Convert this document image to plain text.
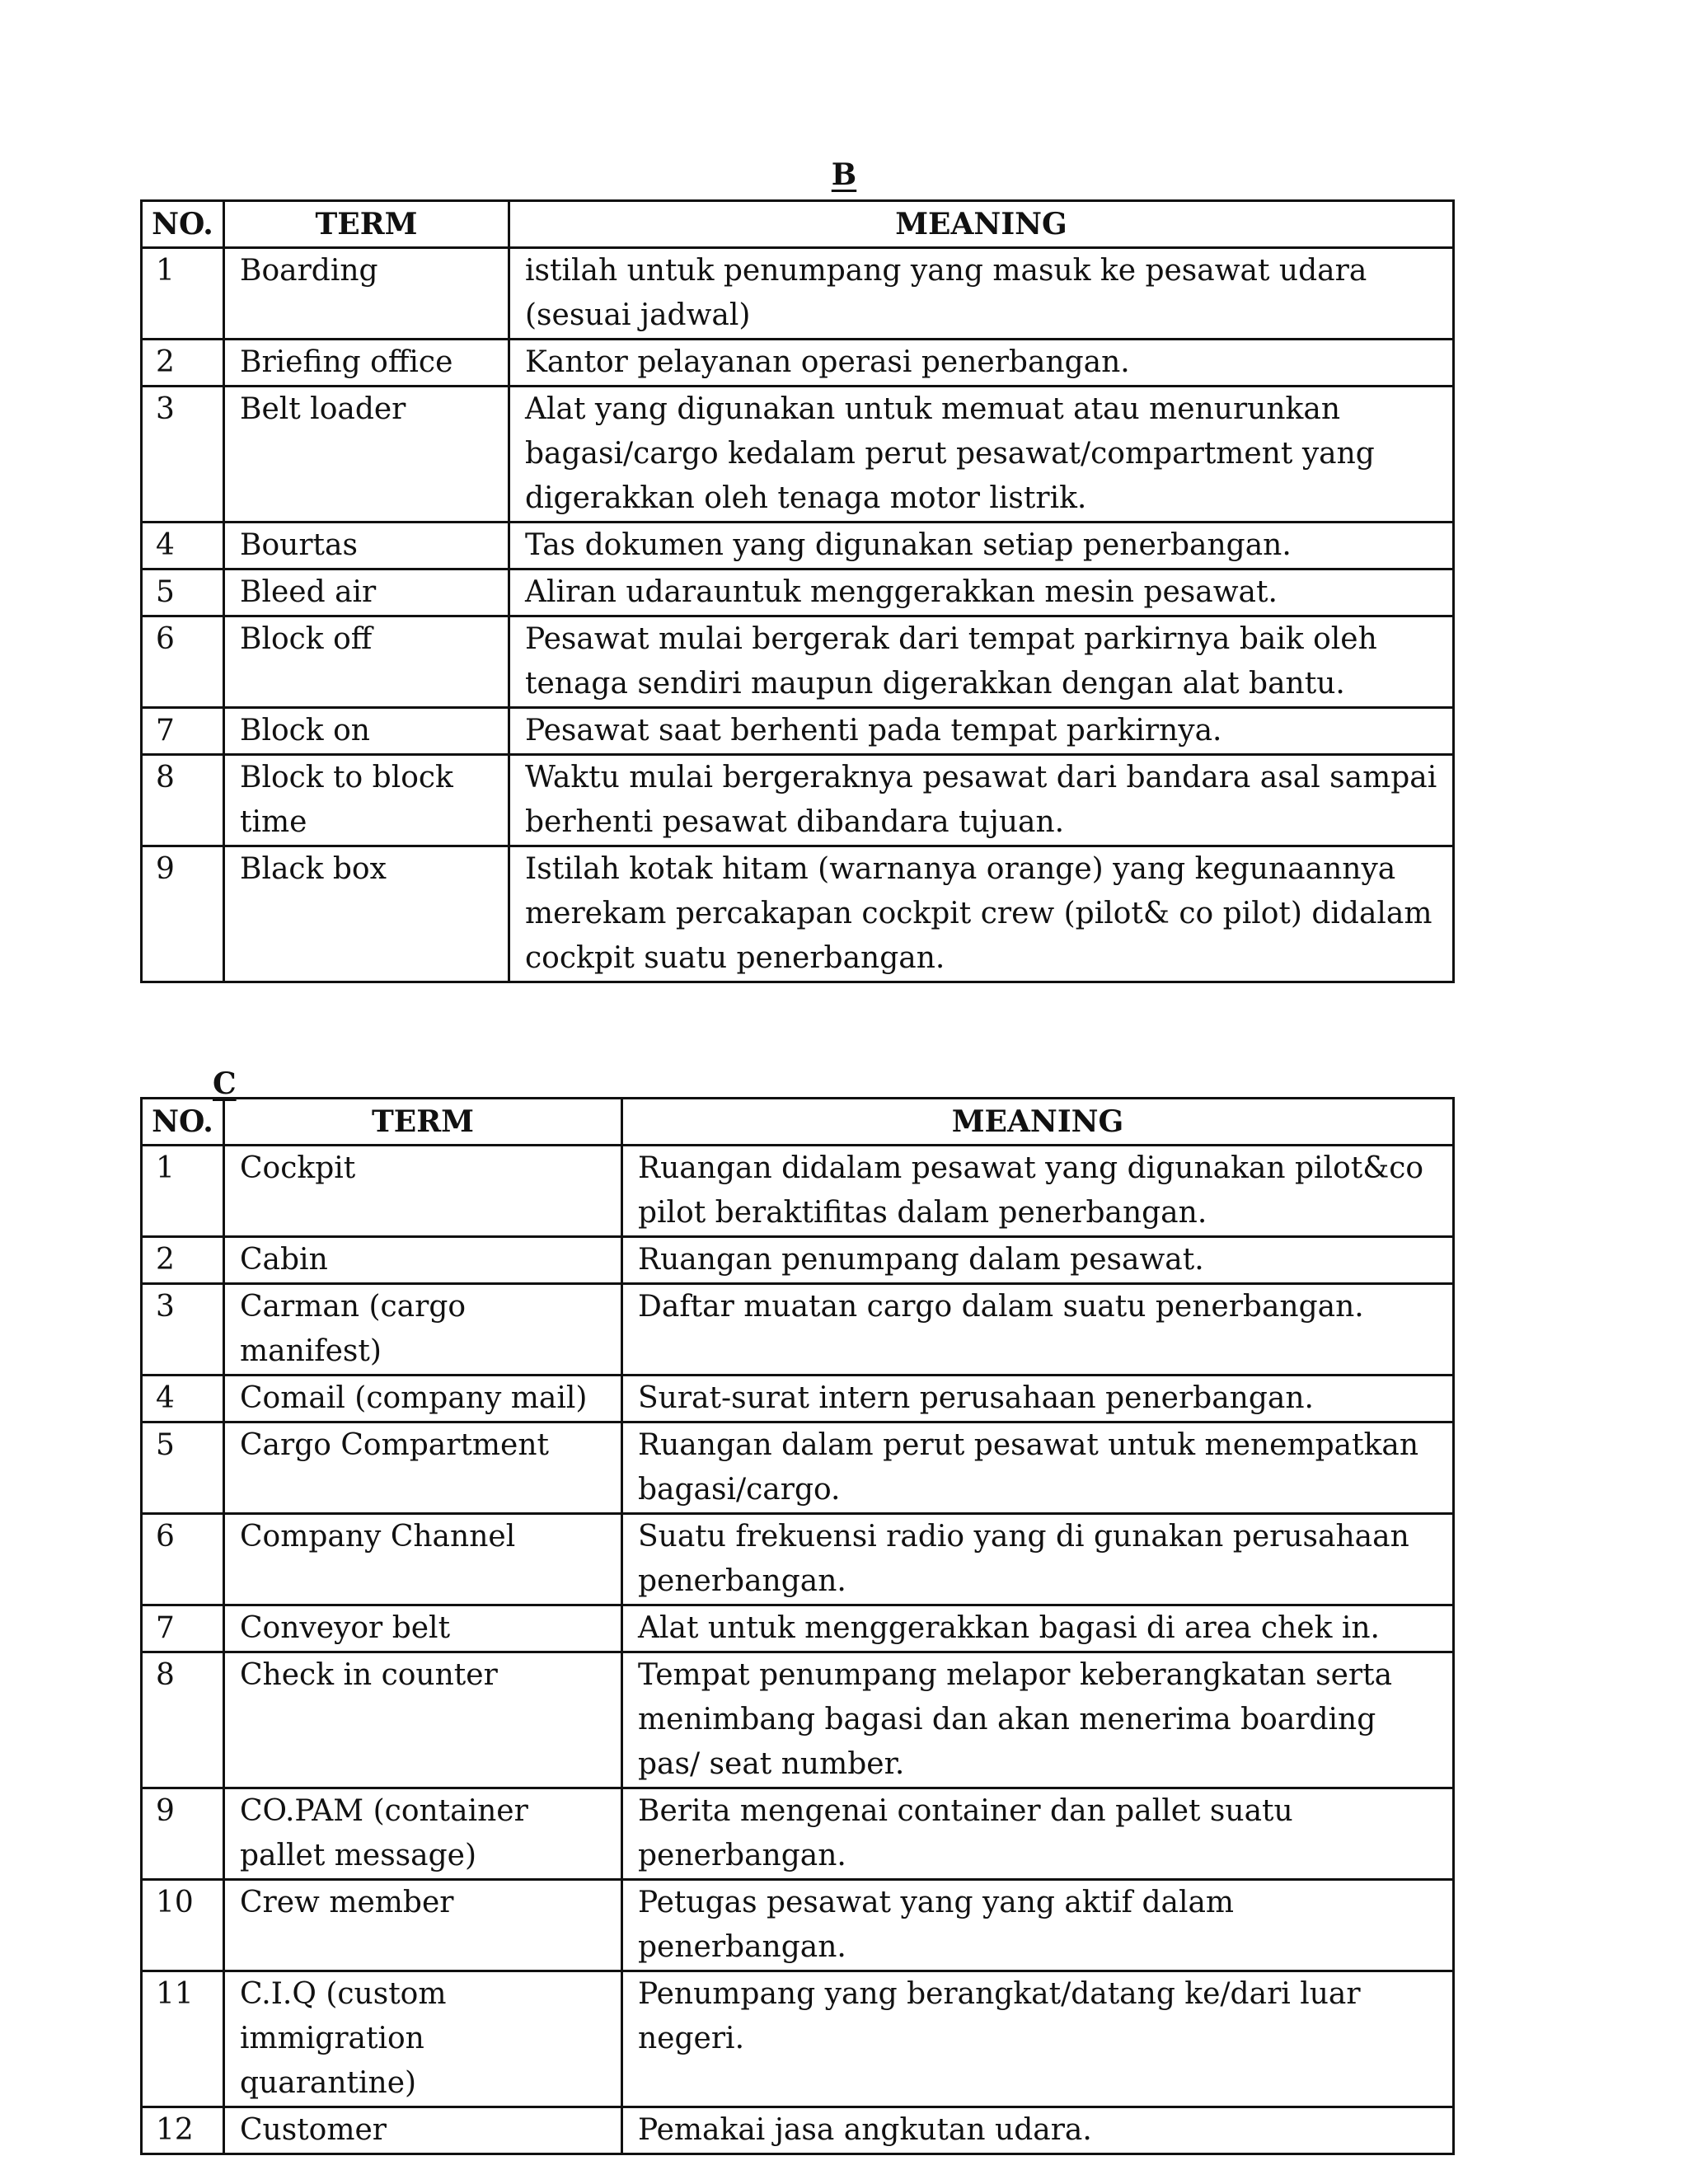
B
NO.	TERM	MEANING
1	Boarding	istilah untuk penumpang yang masuk ke pesawat udara (sesuai jadwal)
2	Briefing office	Kantor pelayanan operasi penerbangan.
3	Belt loader	Alat yang digunakan untuk memuat atau menurunkan bagasi/cargo kedalam perut pesawat/compartment yang digerakkan oleh tenaga motor listrik.
4	Bourtas	Tas dokumen yang digunakan setiap penerbangan.
5	Bleed air	Aliran udarauntuk menggerakkan mesin pesawat.
6	Block off	Pesawat mulai bergerak dari tempat parkirnya baik oleh tenaga sendiri maupun digerakkan dengan alat bantu.
7	Block on	Pesawat saat berhenti pada tempat parkirnya.
8	Block to block time	Waktu mulai bergeraknya pesawat dari bandara asal sampai berhenti pesawat dibandara tujuan.
9	Black box	Istilah kotak hitam (warnanya orange) yang kegunaannya merekam percakapan cockpit crew (pilot& co pilot) didalam cockpit suatu penerbangan.
C
NO.	TERM	MEANING
1	Cockpit	Ruangan didalam pesawat yang digunakan pilot&co pilot beraktifitas dalam penerbangan.
2	Cabin	Ruangan penumpang dalam pesawat.
3	Carman (cargo manifest)	Daftar muatan cargo dalam suatu penerbangan.
4	Comail (company mail)	Surat-surat intern perusahaan penerbangan.
5	Cargo Compartment	Ruangan dalam perut pesawat untuk menempatkan bagasi/cargo.
6	Company Channel	Suatu frekuensi radio yang di gunakan perusahaan penerbangan.
7	Conveyor belt	Alat untuk menggerakkan bagasi di area chek in.
8	Check in counter	Tempat penumpang melapor keberangkatan serta menimbang bagasi dan akan menerima boarding pas/ seat number.
9	CO.PAM (container pallet message)	Berita mengenai container dan pallet suatu penerbangan.
10	Crew member	Petugas pesawat yang yang aktif dalam penerbangan.
11	C.I.Q (custom immigration quarantine)	Penumpang yang berangkat/datang ke/dari luar negeri.
12	Customer	Pemakai jasa angkutan udara.
